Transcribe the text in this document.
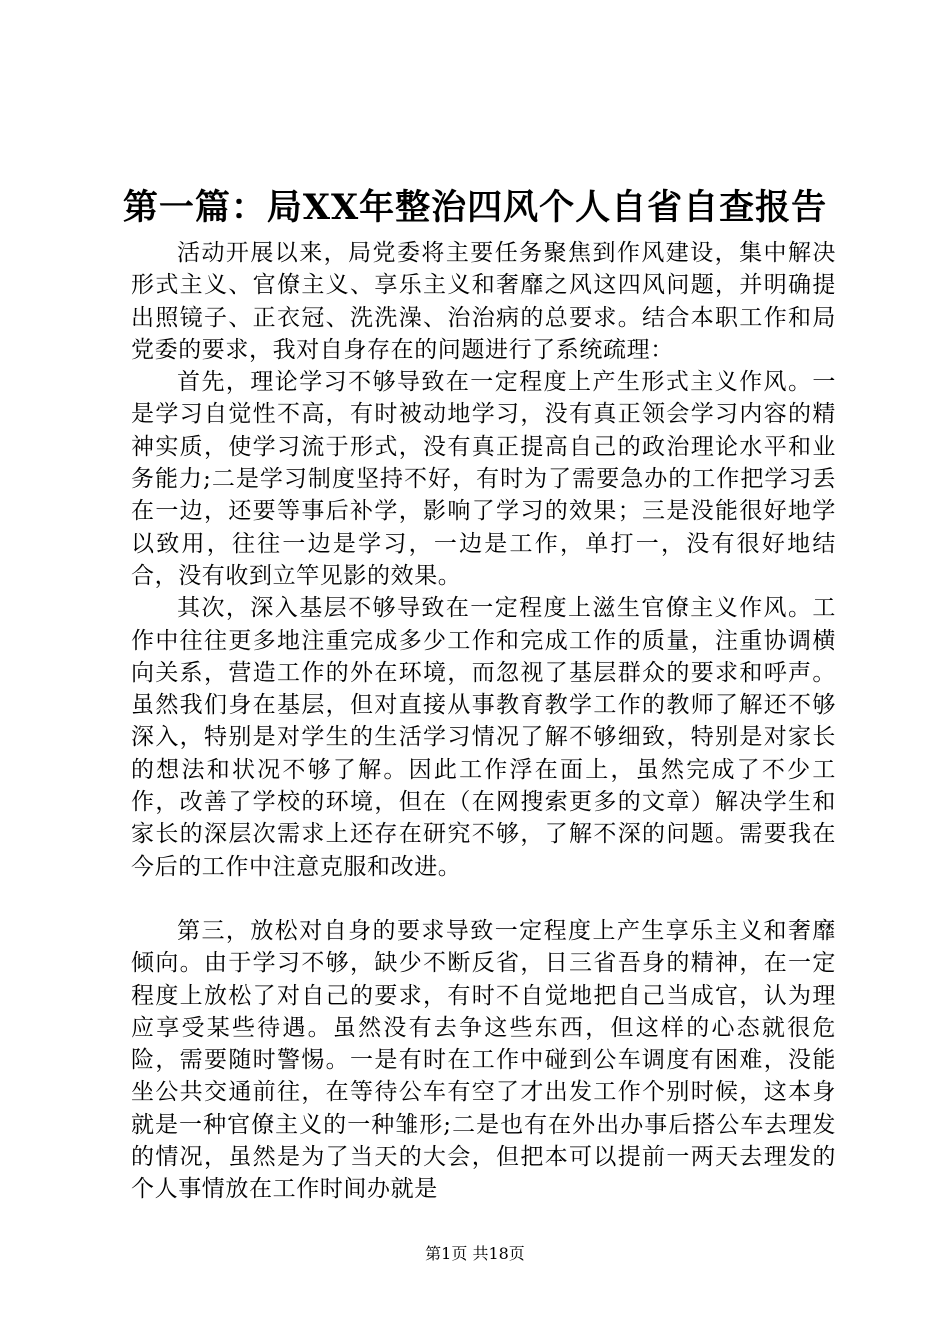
第一篇：局XX年整治四风个人自省自查报告

活动开展以来，局党委将主要任务聚焦到作风建设，集中解决形式主义、官僚主义、享乐主义和奢靡之风这四风问题，并明确提出照镜子、正衣冠、洗洗澡、治治病的总要求。结合本职工作和局党委的要求，我对自身存在的问题进行了系统疏理：

首先，理论学习不够导致在一定程度上产生形式主义作风。一是学习自觉性不高，有时被动地学习，没有真正领会学习内容的精神实质，使学习流于形式，没有真正提高自己的政治理论水平和业务能力;二是学习制度坚持不好，有时为了需要急办的工作把学习丢在一边，还要等事后补学，影响了学习的效果；三是没能很好地学以致用，往往一边是学习，一边是工作，单打一，没有很好地结合，没有收到立竿见影的效果。

其次，深入基层不够导致在一定程度上滋生官僚主义作风。工作中往往更多地注重完成多少工作和完成工作的质量，注重协调横向关系，营造工作的外在环境，而忽视了基层群众的要求和呼声。虽然我们身在基层，但对直接从事教育教学工作的教师了解还不够深入，特别是对学生的生活学习情况了解不够细致，特别是对家长的想法和状况不够了解。因此工作浮在面上，虽然完成了不少工作，改善了学校的环境，但在（在网搜索更多的文章）解决学生和家长的深层次需求上还存在研究不够，了解不深的问题。需要我在今后的工作中注意克服和改进。

第三，放松对自身的要求导致一定程度上产生享乐主义和奢靡倾向。由于学习不够，缺少不断反省，日三省吾身的精神，在一定程度上放松了对自己的要求，有时不自觉地把自己当成官，认为理应享受某些待遇。虽然没有去争这些东西，但这样的心态就很危险，需要随时警惕。一是有时在工作中碰到公车调度有困难，没能坐公共交通前往，在等待公车有空了才出发工作个别时候，这本身就是一种官僚主义的一种雏形;二是也有在外出办事后搭公车去理发的情况，虽然是为了当天的大会，但把本可以提前一两天去理发的个人事情放在工作时间办就是

第1页 共18页
